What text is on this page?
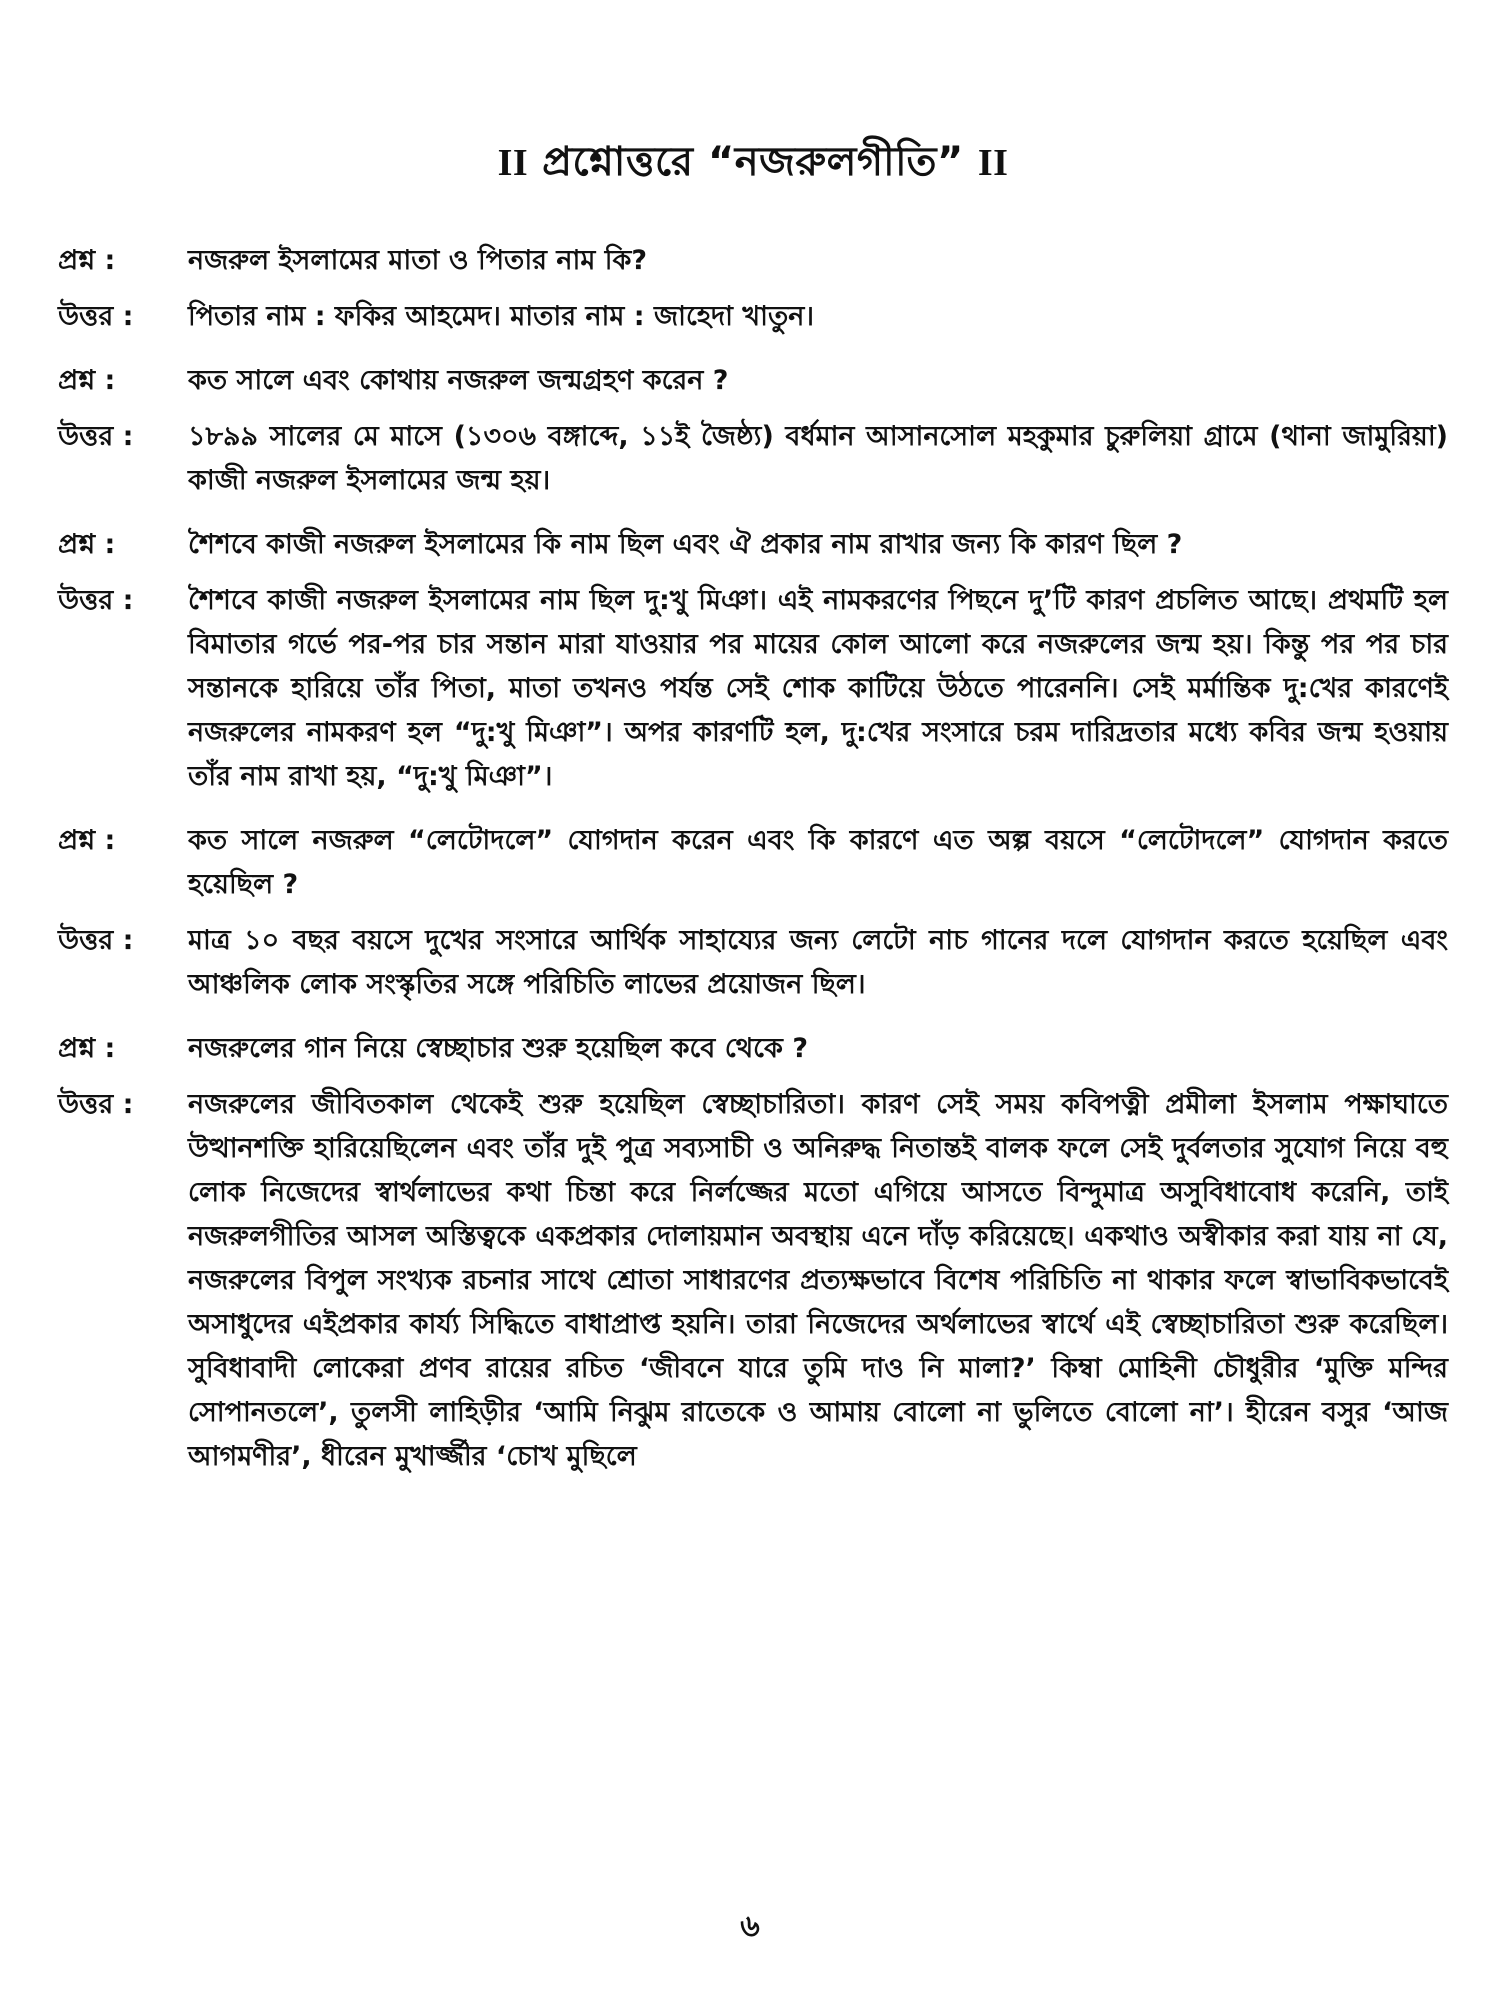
II প্রশ্নোত্তরে “নজরুলগীতি” II
প্রশ্ন :	নজরুল ইসলামের মাতা ও পিতার নাম কি?
উত্তর :	পিতার নাম : ফকির আহমেদ। মাতার নাম : জাহেদা খাতুন।
প্রশ্ন :	কত সালে এবং কোথায় নজরুল জন্মগ্রহণ করেন ?
উত্তর :	১৮৯৯ সালের মে মাসে (১৩০৬ বঙ্গাব্দে, ১১ই জৈষ্ঠ্য) বর্ধমান আসানসোল মহকুমার চুরুলিয়া গ্রামে (থানা জামুরিয়া) কাজী নজরুল ইসলামের জন্ম হয়।
প্রশ্ন :	শৈশবে কাজী নজরুল ইসলামের কি নাম ছিল এবং ঐ প্রকার নাম রাখার জন্য কি কারণ ছিল ?
উত্তর :	শৈশবে কাজী নজরুল ইসলামের নাম ছিল দু:খু মিঞা। এই নামকরণের পিছনে দু’টি কারণ প্রচলিত আছে। প্রথমটি হল বিমাতার গর্ভে পর-পর চার সন্তান মারা যাওয়ার পর মায়ের কোল আলো করে নজরুলের জন্ম হয়। কিন্তু পর পর চার সন্তানকে হারিয়ে তাঁর পিতা, মাতা তখনও পর্যন্ত সেই শোক কাটিয়ে উঠতে পারেননি। সেই মর্মান্তিক দু:খের কারণেই নজরুলের নামকরণ হল “দু:খু মিঞা”। অপর কারণটি হল, দু:খের সংসারে চরম দারিদ্রতার মধ্যে কবির জন্ম হওয়ায় তাঁর নাম রাখা হয়, “দু:খু মিঞা”।
প্রশ্ন :	কত সালে নজরুল “লেটোদলে” যোগদান করেন এবং কি কারণে এত অল্প বয়সে “লেটোদলে” যোগদান করতে হয়েছিল ?
উত্তর :	মাত্র ১০ বছর বয়সে দুখের সংসারে আর্থিক সাহায্যের জন্য লেটো নাচ গানের দলে যোগদান করতে হয়েছিল এবং আঞ্চলিক লোক সংস্কৃতির সঙ্গে পরিচিতি লাভের প্রয়োজন ছিল।
প্রশ্ন :	নজরুলের গান নিয়ে স্বেচ্ছাচার শুরু হয়েছিল কবে থেকে ?
উত্তর :	নজরুলের জীবিতকাল থেকেই শুরু হয়েছিল স্বেচ্ছাচারিতা। কারণ সেই সময় কবিপত্নী প্রমীলা ইসলাম পক্ষাঘাতে উত্থানশক্তি হারিয়েছিলেন এবং তাঁর দুই পুত্র সব্যসাচী ও অনিরুদ্ধ নিতান্তই বালক ফলে সেই দুর্বলতার সুযোগ নিয়ে বহু লোক নিজেদের স্বার্থলাভের কথা চিন্তা করে নির্লজ্জের মতো এগিয়ে আসতে বিন্দুমাত্র অসুবিধাবোধ করেনি, তাই নজরুলগীতির আসল অস্তিত্বকে একপ্রকার দোলায়মান অবস্থায় এনে দাঁড় করিয়েছে। একথাও অস্বীকার করা যায় না যে, নজরুলের বিপুল সংখ্যক রচনার সাথে শ্রোতা সাধারণের প্রত্যক্ষভাবে বিশেষ পরিচিতি না থাকার ফলে স্বাভাবিকভাবেই অসাধুদের এইপ্রকার কার্য্য সিদ্ধিতে বাধাপ্রাপ্ত হয়নি। তারা নিজেদের অর্থলাভের স্বার্থে এই স্বেচ্ছাচারিতা শুরু করেছিল। সুবিধাবাদী লোকেরা প্রণব রায়ের রচিত ‘জীবনে যারে তুমি দাও নি মালা?’ কিম্বা মোহিনী চৌধুরীর ‘মুক্তি মন্দির সোপানতলে’, তুলসী লাহিড়ীর ‘আমি নিঝুম রাতেকে ও আমায় বোলো না ভুলিতে বোলো না’। হীরেন বসুর ‘আজ আগমণীর’, ধীরেন মুখার্জ্জীর ‘চোখ মুছিলে
৬
